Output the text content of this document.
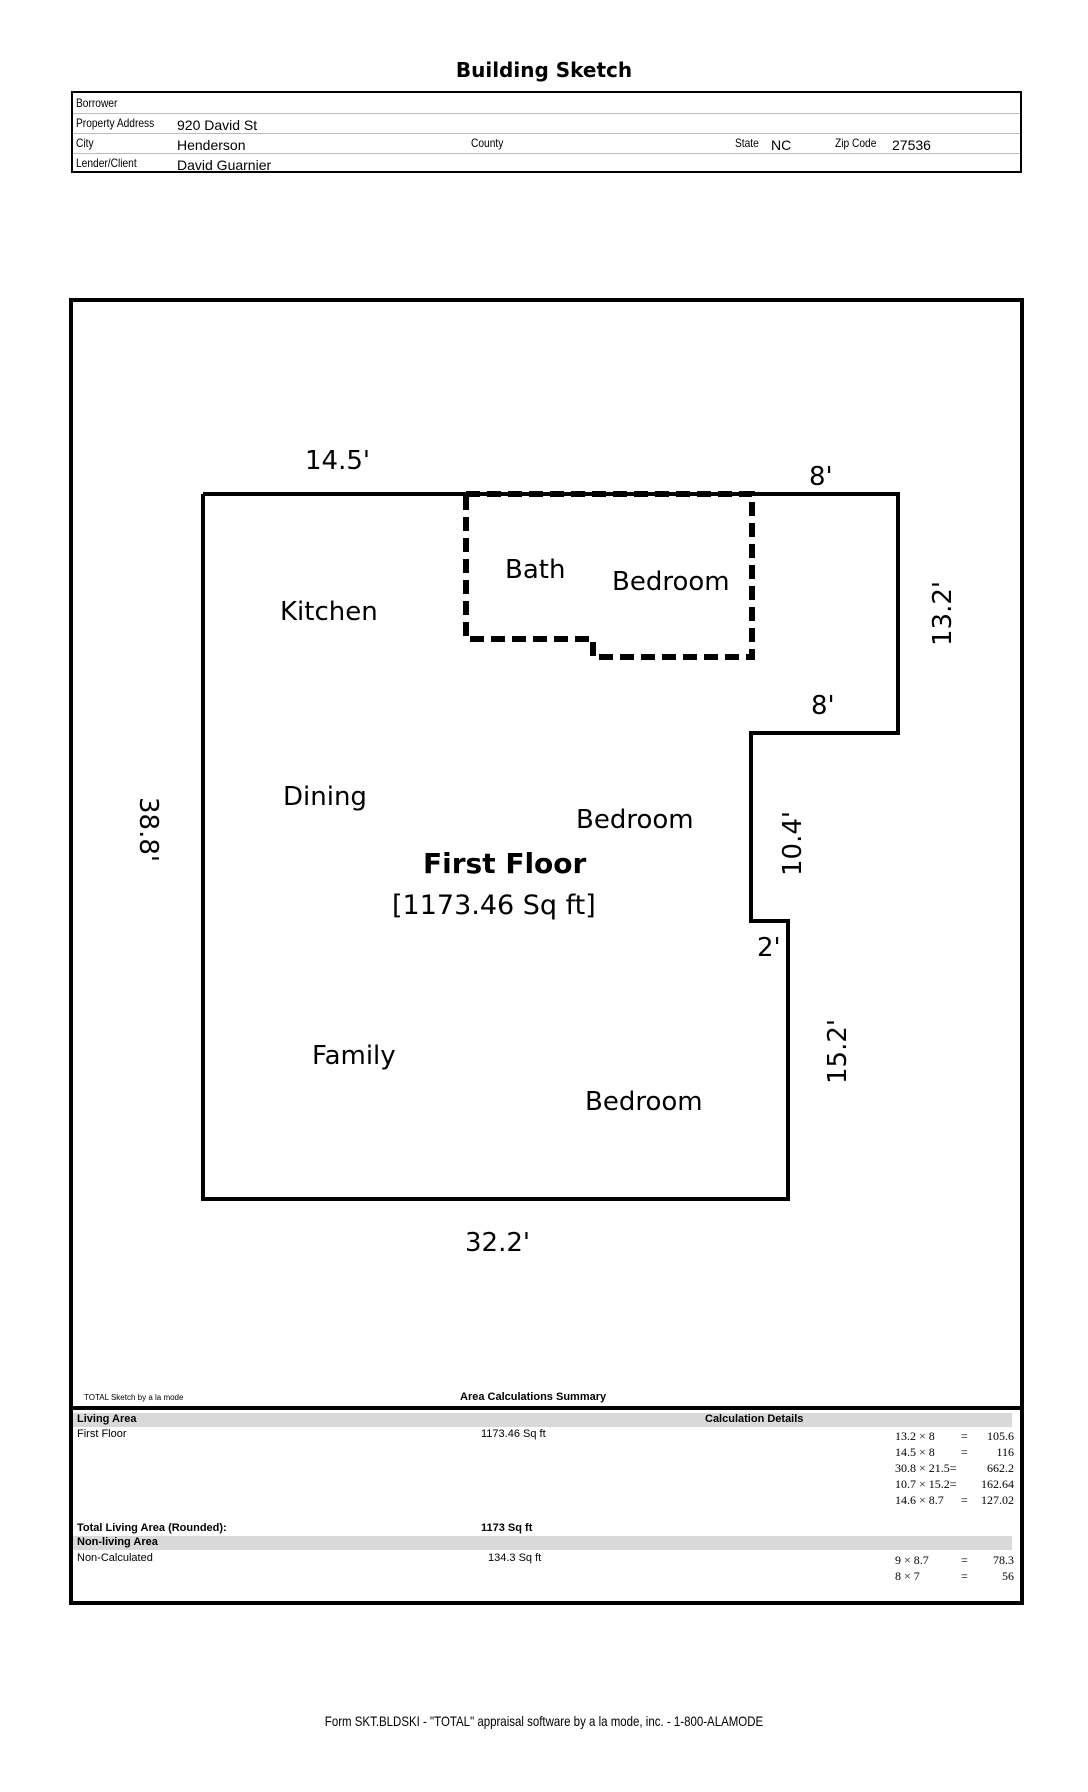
Building Sketch
Borrower
Property Address 920 David St
City	Henderson	County	State NC	Zip Code 27536
Lender/Client	David Guarnier
14.5'
8'
13.2'
8'
10.4'
2'
15.2'
32.2'
38.8'
Kitchen
Bath Bedroom
Dining
Bedroom
First Floor
[1173.46 Sq ft]
Family
Bedroom
TOTAL Sketch by a la mode	Area Calculations Summary
Living Area	Calculation Details
First Floor	1173.46 Sq ft	13.2 × 8 =	105.6
14.5 × 8 =	116
30.8 × 21.5=	662.2
10.7 × 15.2=	162.64
14.6 × 8.7 =	127.02
Total Living Area (Rounded):	1173 Sq ft
Non-living Area
Non-Calculated	134.3 Sq ft	9 × 8.7	=	78.3
8 × 7	=	56
Form SKT.BLDSKI - "TOTAL" appraisal software by a la mode, inc. - 1-800-ALAMODE
